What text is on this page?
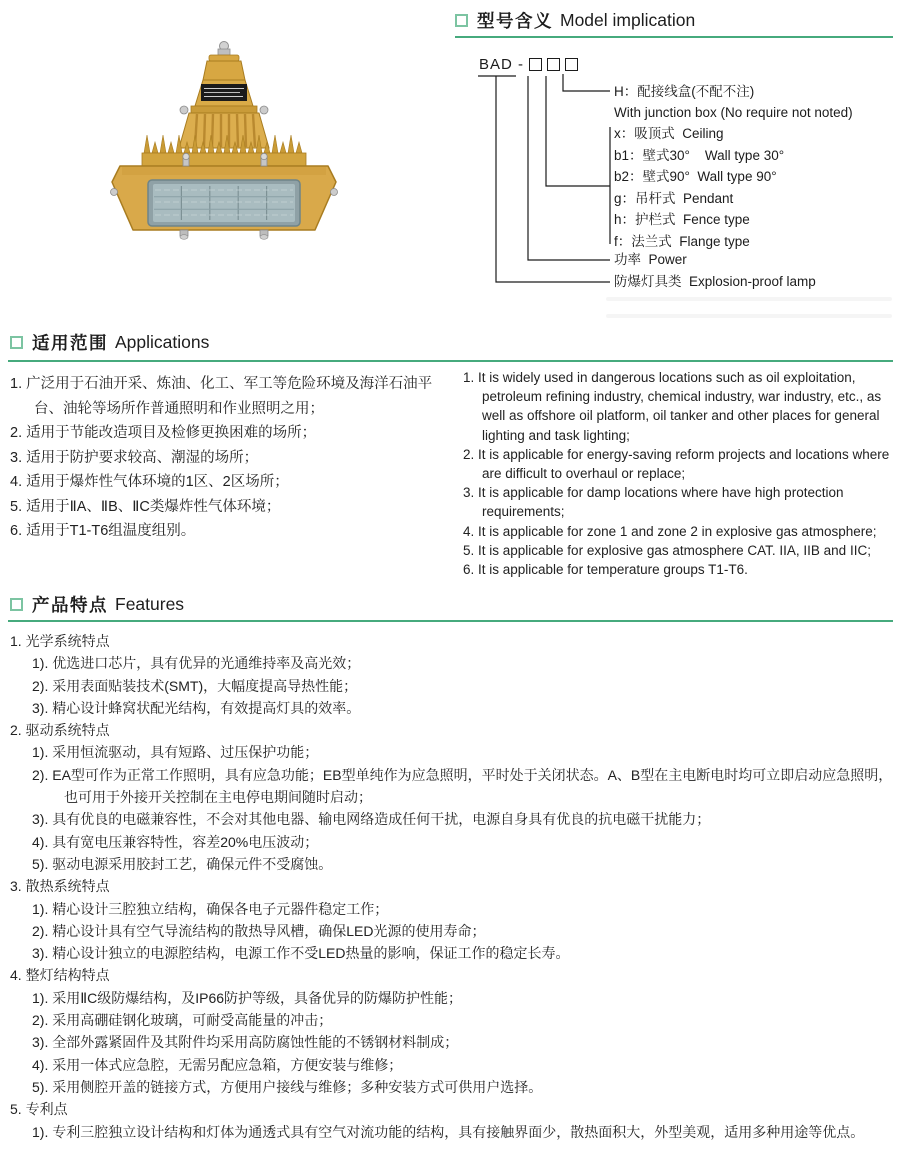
型号含义 Model implication
BAD -
H：配接线盒(不配不注)
With junction box (No require not noted)
x：吸顶式  Ceiling
b1：壁式30°    Wall type 30°
b2：壁式90°  Wall type 90°
g：吊杆式  Pendant
h：护栏式  Fence type
f：法兰式  Flange type
功率  Power
防爆灯具类  Explosion-proof lamp
适用范围 Applications
1. 广泛用于石油开采、炼油、化工、军工等危险环境及海洋石油平台、油轮等场所作普通照明和作业照明之用；
2. 适用于节能改造项目及检修更换困难的场所；
3. 适用于防护要求较高、潮湿的场所；
4. 适用于爆炸性气体环境的1区、2区场所；
5. 适用于ⅡA、ⅡB、ⅡC类爆炸性气体环境；
6. 适用于T1-T6组温度组别。
1. It is widely used in dangerous locations such as oil exploitation, petroleum refining industry, chemical industry, war industry, etc., as well as offshore oil platform, oil tanker and other places for general lighting and task lighting;
2. It is applicable for energy-saving reform projects and locations where are difficult to overhaul or replace;
3. It is applicable for damp locations where have high protection requirements;
4. It is applicable for zone 1 and zone 2 in explosive gas atmosphere;
5. It is applicable for explosive gas atmosphere CAT. IIA, IIB and IIC;
6. It is applicable for temperature groups T1-T6.
产品特点 Features
1. 光学系统特点
1). 优选进口芯片，具有优异的光通维持率及高光效；
2). 采用表面贴装技术(SMT)，大幅度提高导热性能；
3). 精心设计蜂窝状配光结构，有效提高灯具的效率。
2. 驱动系统特点
1). 采用恒流驱动，具有短路、过压保护功能；
2). EA型可作为正常工作照明，具有应急功能；EB型单纯作为应急照明，平时处于关闭状态。A、B型在主电断电时均可立即启动应急照明，也可用于外接开关控制在主电停电期间随时启动；
3). 具有优良的电磁兼容性，不会对其他电器、输电网络造成任何干扰，电源自身具有优良的抗电磁干扰能力；
4). 具有宽电压兼容特性，容差20%电压波动；
5). 驱动电源采用胶封工艺，确保元件不受腐蚀。
3. 散热系统特点
1). 精心设计三腔独立结构，确保各电子元器件稳定工作；
2). 精心设计具有空气导流结构的散热导风槽，确保LED光源的使用寿命；
3). 精心设计独立的电源腔结构，电源工作不受LED热量的影响，保证工作的稳定长寿。
4. 整灯结构特点
1). 采用ⅡC级防爆结构，及IP66防护等级，具备优异的防爆防护性能；
2). 采用高硼硅钢化玻璃，可耐受高能量的冲击；
3). 全部外露紧固件及其附件均采用高防腐蚀性能的不锈钢材料制成；
4). 采用一体式应急腔，无需另配应急箱，方便安装与维修；
5). 采用侧腔开盖的链接方式，方便用户接线与维修；多种安装方式可供用户选择。
5. 专利点
1). 专利三腔独立设计结构和灯体为通透式具有空气对流功能的结构，具有接触界面少，散热面积大，外型美观，适用多种用途等优点。
